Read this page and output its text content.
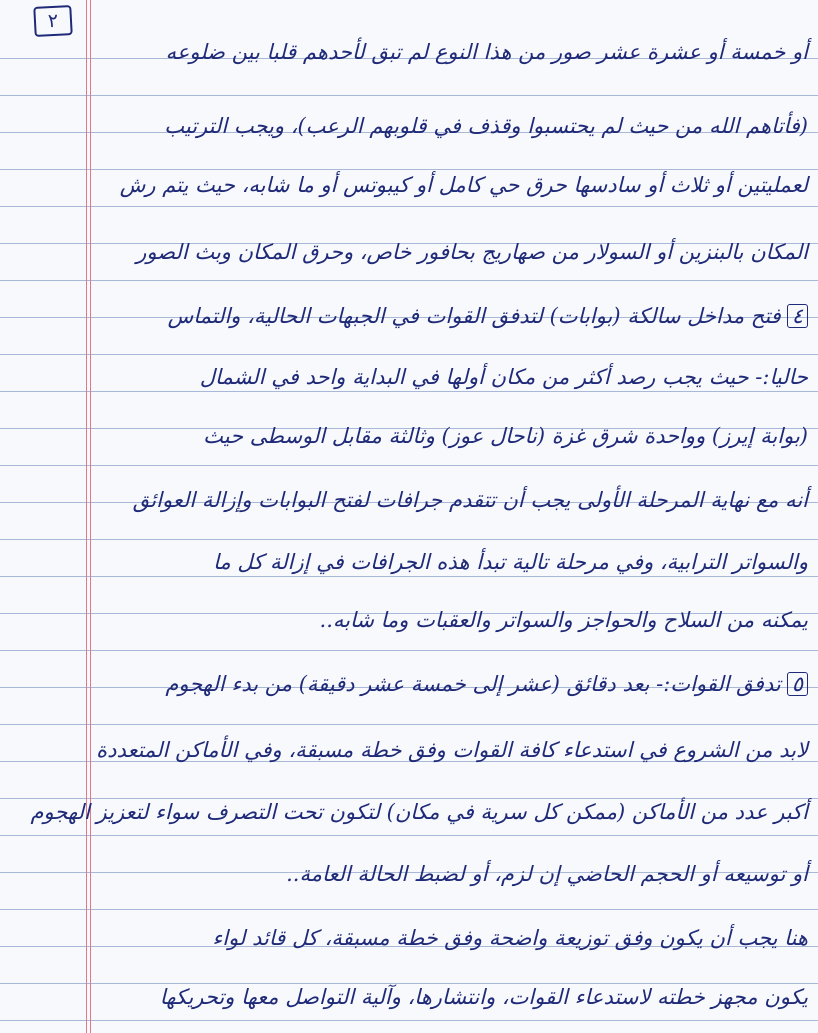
٢
أو خمسة أو عشرة عشر صور من هذا النوع لم تبق لأحدهم قلبا بين ضلوعه
(فأتاهم الله من حيث لم يحتسبوا وقذف في قلوبهم الرعب)، ويجب الترتيب
لعمليتين أو ثلاث أو سادسها حرق حي كامل أو كيبوتس أو ما شابه، حيث يتم رش
المكان بالبنزين أو السولار من صهاريج بحافور خاص، وحرق المكان وبث الصور
٤فتح مداخل سالكة (بوابات) لتدفق القوات في الجبهات الحالية، والتماس
حاليا:- حيث يجب رصد أكثر من مكان أولها في البداية واحد في الشمال
(بوابة إيرز) وواحدة شرق غزة (ناحال عوز) وثالثة مقابل الوسطى حيث
أنه مع نهاية المرحلة الأولى يجب أن تتقدم جرافات لفتح البوابات وإزالة العوائق
والسواتر الترابية، وفي مرحلة تالية تبدأ هذه الجرافات في إزالة كل ما
يمكنه من السلاح والحواجز والسواتر والعقبات وما شابه..
٥تدفق القوات:- بعد دقائق (عشر إلى خمسة عشر دقيقة) من بدء الهجوم
لابد من الشروع في استدعاء كافة القوات وفق خطة مسبقة، وفي الأماكن المتعددة
أكبر عدد من الأماكن (ممكن كل سرية في مكان) لتكون تحت التصرف سواء لتعزيز الهجوم
أو توسيعه أو الحجم الحاضي إن لزم، أو لضبط الحالة العامة..
هنا يجب أن يكون وفق توزيعة واضحة وفق خطة مسبقة، كل قائد لواء
يكون مجهز خطته لاستدعاء القوات، وانتشارها، وآلية التواصل معها وتحريكها
